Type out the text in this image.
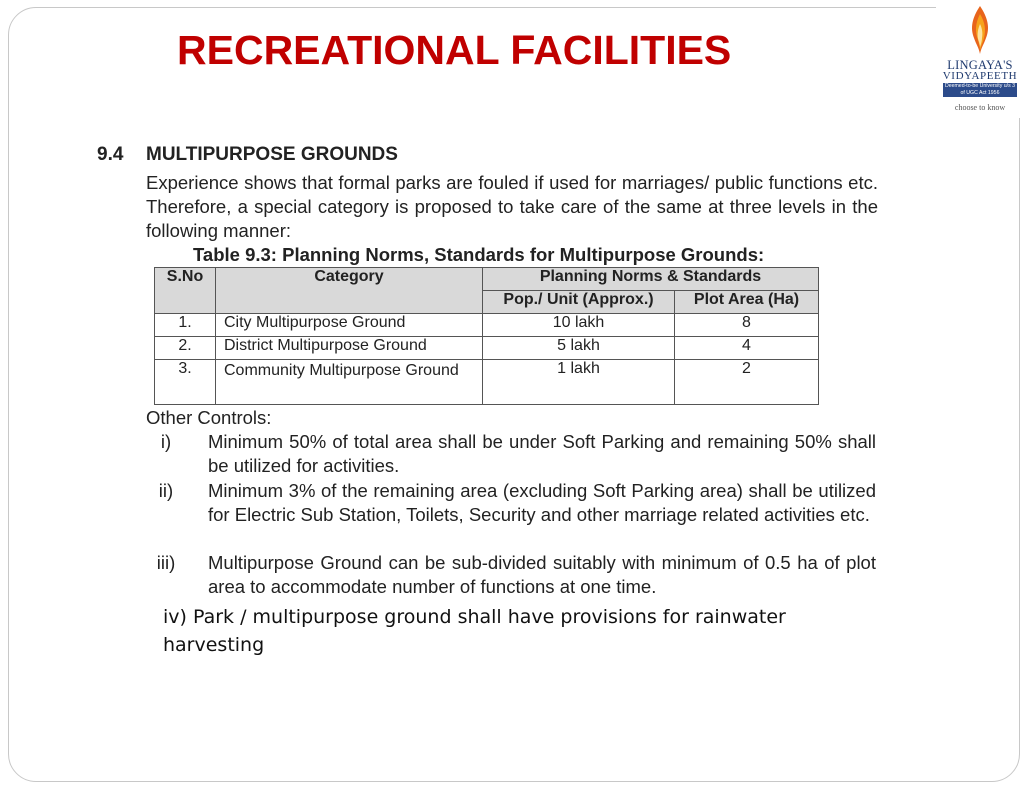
RECREATIONAL FACILITIES	LINGAYA'S
VIDYAPEETH
Deemed-to-be University u/s 3 of UGC Act 1956
choose to know
9.4 MULTIPURPOSE GROUNDS
Experience shows that formal parks are fouled if used for marriages/ public functions etc. Therefore, a special category is proposed to take care of the same at three levels in the following manner:
Table 9.3: Planning Norms, Standards for Multipurpose Grounds:
S.No	Category	Planning Norms & Standards	
		Pop./ Unit (Approx.)	Plot Area (Ha)
1.	City Multipurpose Ground	10 lakh	8
2.	District Multipurpose Ground	5 lakh	4
3.	Community Multipurpose Ground	1 lakh	2
Other Controls:
i)	Minimum 50% of total area shall be under Soft Parking and remaining 50% shall be utilized for activities.
ii)	Minimum 3% of the remaining area (excluding Soft Parking area) shall be utilized for Electric Sub Station, Toilets, Security and other marriage related activities etc.
iii)	Multipurpose Ground can be sub-divided suitably with minimum of 0.5 ha of plot area to accommodate number of functions at one time.
iv) Park / multipurpose ground shall have provisions for rainwater harvesting
